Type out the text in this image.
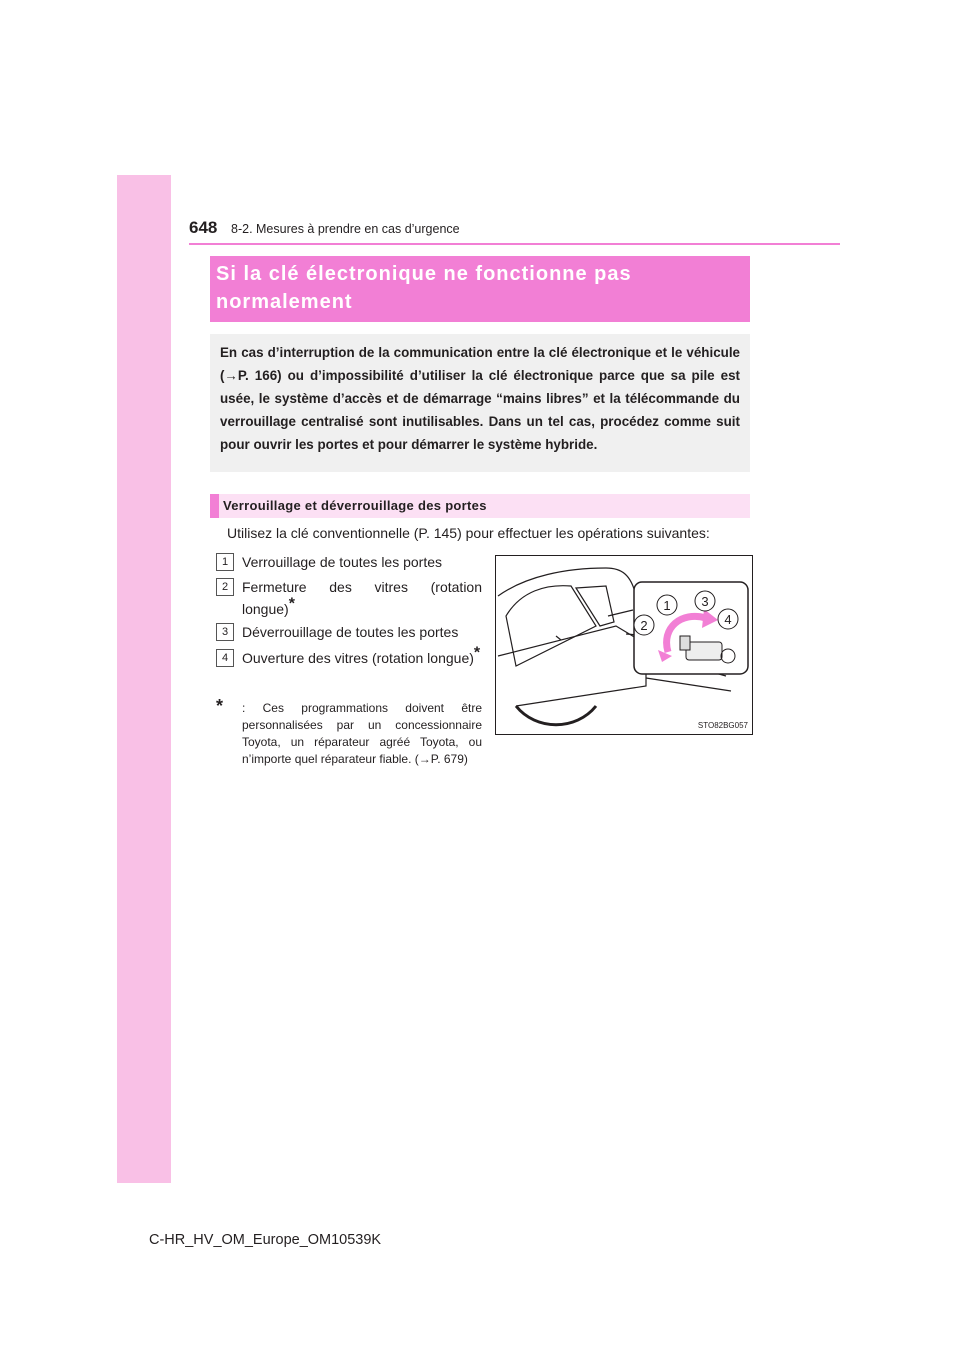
648 8-2. Mesures à prendre en cas d’urgence
Si la clé électronique ne fonctionne pas normalement
En cas d’interruption de la communication entre la clé électronique et le véhicule (→P. 166) ou d’impossibilité d’utiliser la clé électronique parce que sa pile est usée, le système d’accès et de démarrage “mains libres” et la télécommande du verrouillage centralisé sont inutilisables. Dans un tel cas, procédez comme suit pour ouvrir les portes et pour démarrer le système hybride.
Verrouillage et déverrouillage des portes
Utilisez la clé conventionnelle (P. 145) pour effectuer les opérations suivantes:
1 Verrouillage de toutes les portes
2 Fermeture des vitres (rotation longue)*
3 Déverrouillage de toutes les portes
4 Ouverture des vitres (rotation longue)*
* : Ces programmations doivent être personnalisées par un concessionnaire Toyota, un réparateur agréé Toyota, ou n’importe quel réparateur fiable. (→P. 679)
1
2
3
4
STO82BG057
C-HR_HV_OM_Europe_OM10539K
